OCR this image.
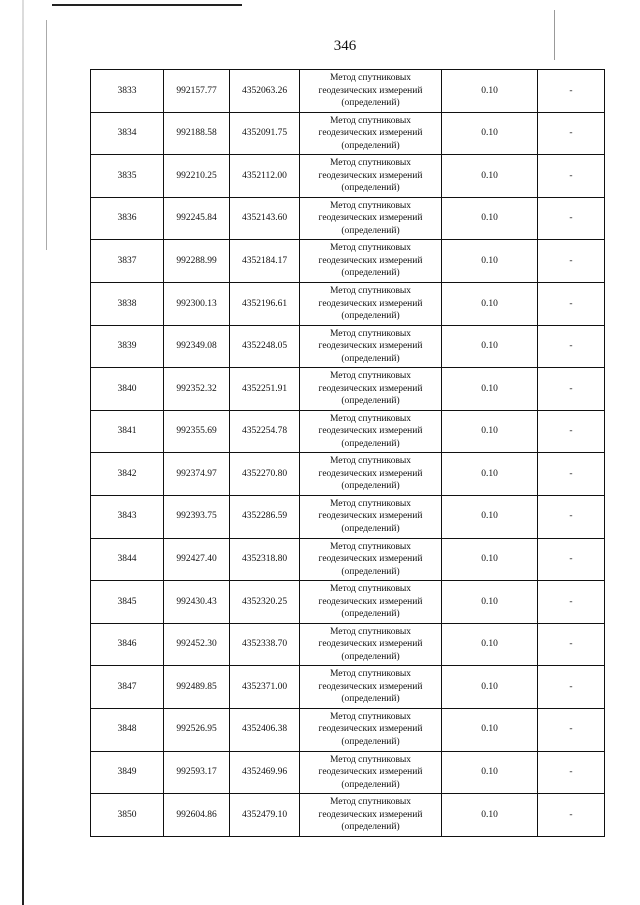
346
3833	992157.77	4352063.26	Метод спутниковых
геодезических измерений
(определений)	0.10	-
3834	992188.58	4352091.75	Метод спутниковых
геодезических измерений
(определений)	0.10	-
3835	992210.25	4352112.00	Метод спутниковых
геодезических измерений
(определений)	0.10	-
3836	992245.84	4352143.60	Метод спутниковых
геодезических измерений
(определений)	0.10	-
3837	992288.99	4352184.17	Метод спутниковых
геодезических измерений
(определений)	0.10	-
3838	992300.13	4352196.61	Метод спутниковых
геодезических измерений
(определений)	0.10	-
3839	992349.08	4352248.05	Метод спутниковых
геодезических измерений
(определений)	0.10	-
3840	992352.32	4352251.91	Метод спутниковых
геодезических измерений
(определений)	0.10	-
3841	992355.69	4352254.78	Метод спутниковых
геодезических измерений
(определений)	0.10	-
3842	992374.97	4352270.80	Метод спутниковых
геодезических измерений
(определений)	0.10	-
3843	992393.75	4352286.59	Метод спутниковых
геодезических измерений
(определений)	0.10	-
3844	992427.40	4352318.80	Метод спутниковых
геодезических измерений
(определений)	0.10	-
3845	992430.43	4352320.25	Метод спутниковых
геодезических измерений
(определений)	0.10	-
3846	992452.30	4352338.70	Метод спутниковых
геодезических измерений
(определений)	0.10	-
3847	992489.85	4352371.00	Метод спутниковых
геодезических измерений
(определений)	0.10	-
3848	992526.95	4352406.38	Метод спутниковых
геодезических измерений
(определений)	0.10	-
3849	992593.17	4352469.96	Метод спутниковых
геодезических измерений
(определений)	0.10	-
3850	992604.86	4352479.10	Метод спутниковых
геодезических измерений
(определений)	0.10	-
